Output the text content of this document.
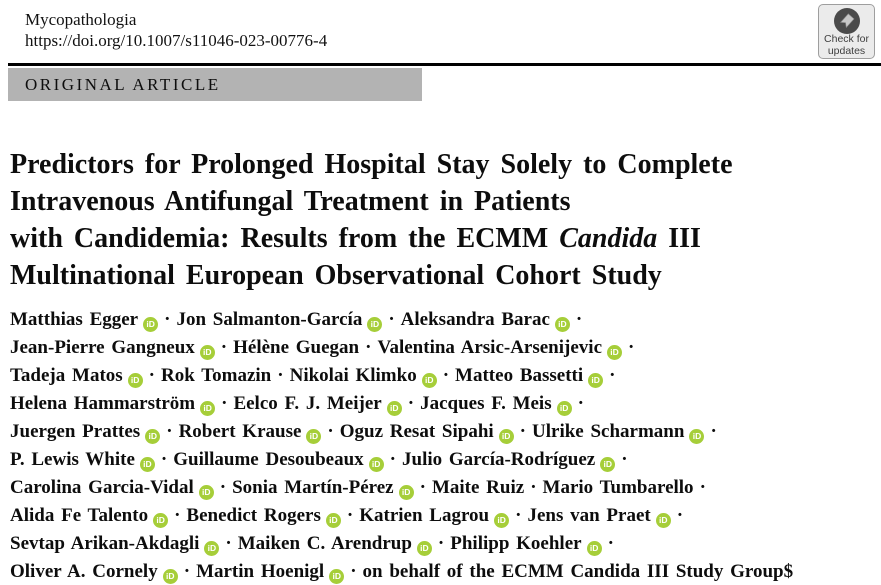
Mycopathologia
https://doi.org/10.1007/s11046-023-00776-4	Check for
updates
ORIGINAL ARTICLE
Predictors for Prolonged Hospital Stay Solely to Complete
Intravenous Antifungal Treatment in Patients
with Candidemia: Results from the ECMM Candida III
Multinational European Observational Cohort Study
Matthias Egger iD · Jon Salmanton-García iD · Aleksandra Barac iD ·
Jean-Pierre Gangneux iD · Hélène Guegan · Valentina Arsic-Arsenijevic iD ·
Tadeja Matos iD · Rok Tomazin · Nikolai Klimko iD · Matteo Bassetti iD ·
Helena Hammarström iD · Eelco F. J. Meijer iD · Jacques F. Meis iD ·
Juergen Prattes iD · Robert Krause iD · Oguz Resat Sipahi iD · Ulrike Scharmann iD ·
P. Lewis White iD · Guillaume Desoubeaux iD · Julio García-Rodríguez iD ·
Carolina Garcia-Vidal iD · Sonia Martín-Pérez iD · Maite Ruiz · Mario Tumbarello ·
Alida Fe Talento iD · Benedict Rogers iD · Katrien Lagrou iD · Jens van Praet iD ·
Sevtap Arikan-Akdagli iD · Maiken C. Arendrup iD · Philipp Koehler iD ·
Oliver A. Cornely iD · Martin Hoenigl iD · on behalf of the ECMM Candida III Study Group$
